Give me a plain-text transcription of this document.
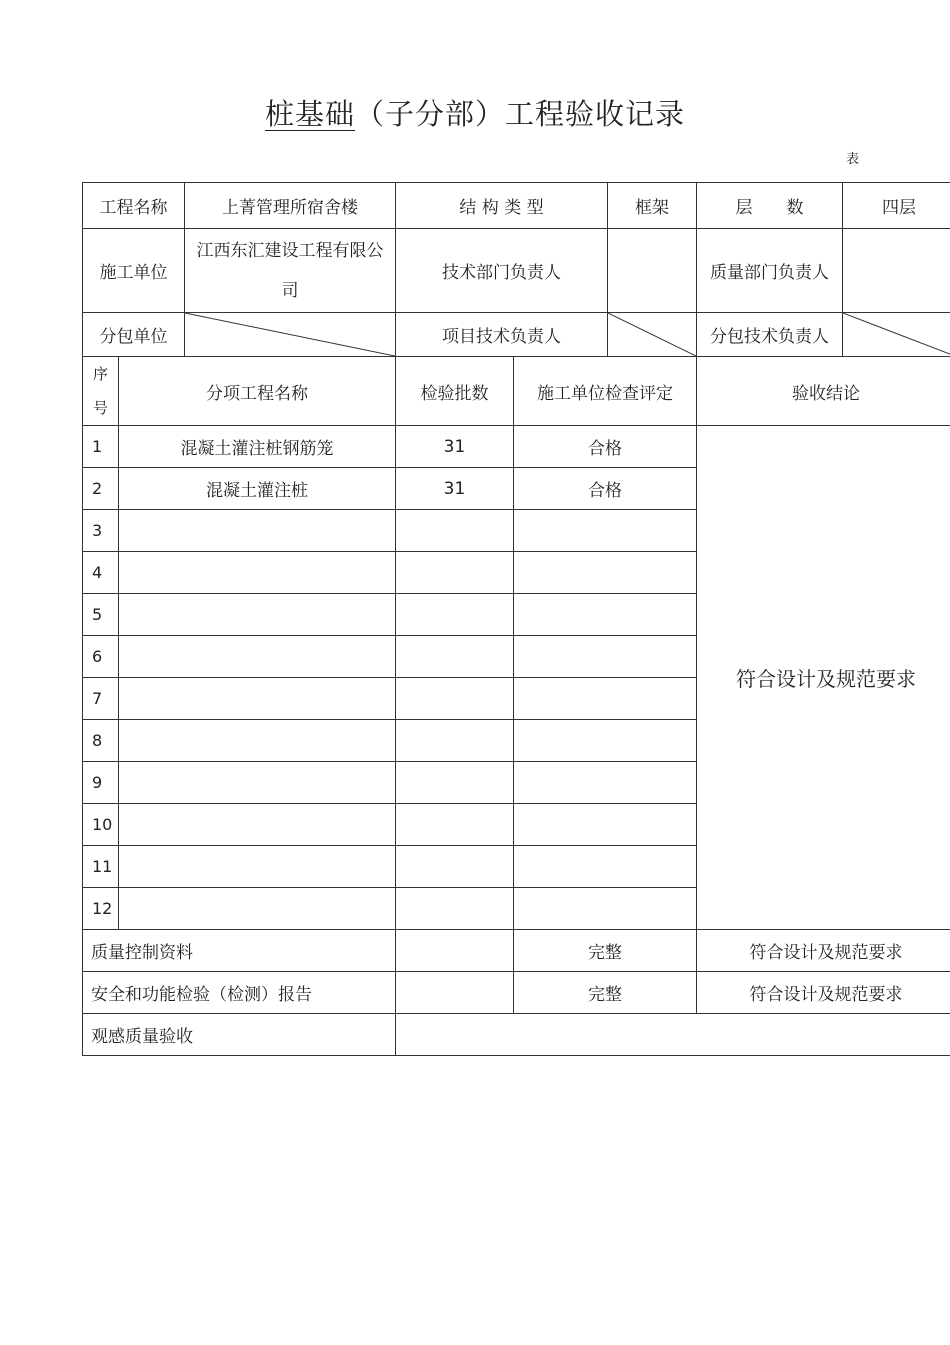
桩基础（子分部）工程验收记录
表
工程名称		上菁管理所宿舍楼	结 构 类 型		框架	层　　数	四层
施工单位		江西东汇建设工程有限公司	技术部门负责人			质量部门负责人	
分包单位			项目技术负责人			分包技术负责人	

序
号	分项工程名称		检验批数	施工单位检查评定		验收结论	
1	混凝土灌注桩钢筋笼		31	合格		符合设计及规范要求	
2	混凝土灌注桩		31	合格			
3							
4							
5							
6							
7							
8							
9							
10							
11							
12							
质量控制资料				完整		符合设计及规范要求	
安全和功能检验（检测）报告				完整		符合设计及规范要求	
观感质量验收							
